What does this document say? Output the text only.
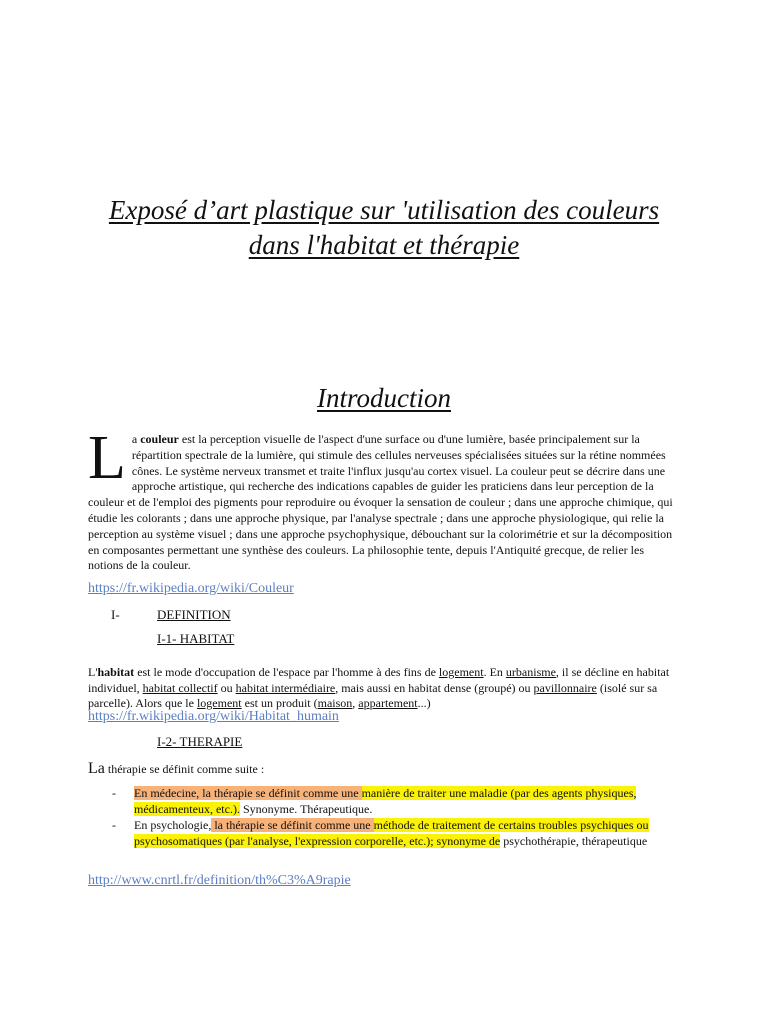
Exposé d’art plastique sur 'utilisation des couleurs
dans l'habitat et thérapie
Introduction
La couleur est la perception visuelle de l'aspect d'une surface ou d'une lumière, basée principalement sur la répartition spectrale de la lumière, qui stimule des cellules nerveuses spécialisées situées sur la rétine nommées cônes. Le système nerveux transmet et traite l'influx jusqu'au cortex visuel. La couleur peut se décrire dans une approche artistique, qui recherche des indications capables de guider les praticiens dans leur perception de la couleur et de l'emploi des pigments pour reproduire ou évoquer la sensation de couleur ; dans une approche chimique, qui étudie les colorants ; dans une approche physique, par l'analyse spectrale ; dans une approche physiologique, qui relie la perception au système visuel ; dans une approche psychophysique, débouchant sur la colorimétrie et sur la décomposition en composantes permettant une synthèse des couleurs. La philosophie tente, depuis l'Antiquité grecque, de relier les notions de la couleur.
https://fr.wikipedia.org/wiki/Couleur
I-	DEFINITION
I-1- HABITAT

L'habitat est le mode d'occupation de l'espace par l'homme à des fins de logement. En urbanisme, il se décline en habitat individuel, habitat collectif ou habitat intermédiaire, mais aussi en habitat dense (groupé) ou pavillonnaire (isolé sur sa parcelle). Alors que le logement est un produit (maison, appartement...)

https://fr.wikipedia.org/wiki/Habitat_humain
I-2- THERAPIE
La thérapie se définit comme suite :
- En médecine, la thérapie se définit comme une manière de traiter une maladie (par des agents physiques, médicamenteux, etc.). Synonyme. Thérapeutique.
- En psychologie, la thérapie se définit comme une méthode de traitement de certains troubles psychiques ou psychosomatiques (par l'analyse, l'expression corporelle, etc.); synonyme de psychothérapie, thérapeutique
http://www.cnrtl.fr/definition/th%C3%A9rapie
